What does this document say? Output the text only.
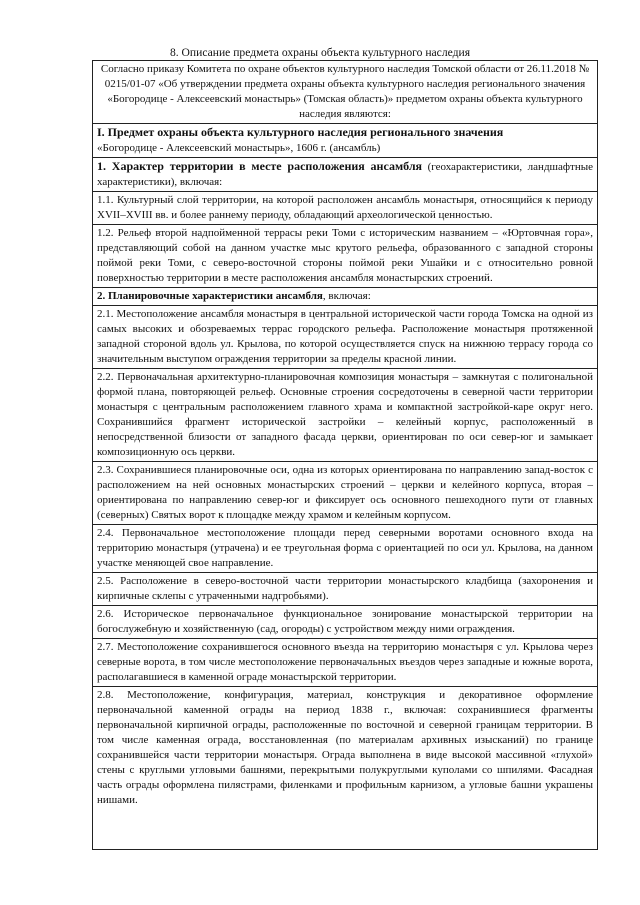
8. Описание предмета охраны объекта культурного наследия
Согласно приказу Комитета по охране объектов культурного наследия Томской области от 26.11.2018 № 0215/01-07 «Об утверждении предмета охраны объекта культурного наследия регионального значения «Богородице - Алексеевский монастырь» (Томская область)» предметом охраны объекта культурного наследия являются:
I. Предмет охраны объекта культурного наследия регионального значения
«Богородице - Алексеевский монастырь», 1606 г. (ансамбль)
1. Характер территории в месте расположения ансамбля (геохарактеристики, ландшафтные характеристики), включая:
1.1. Культурный слой территории, на которой расположен ансамбль монастыря, относящийся к периоду XVII–XVIII вв. и более раннему периоду, обладающий археологической ценностью.
1.2. Рельеф второй надпойменной террасы реки Томи с историческим названием – «Юртовчная гора», представляющий собой на данном участке мыс крутого рельефа, образованного с западной стороны поймой реки Томи, с северо-восточной стороны поймой реки Ушайки и с относительно ровной поверхностью территории в месте расположения ансамбля монастырских строений.
2. Планировочные характеристики ансамбля, включая:
2.1. Местоположение ансамбля монастыря в центральной исторической части города Томска на одной из самых высоких и обозреваемых террас городского рельефа. Расположение монастыря протяженной западной стороной вдоль ул. Крылова, по которой осуществляется спуск на нижнюю террасу города со значительным выступом ограждения территории за пределы красной линии.
2.2. Первоначальная архитектурно-планировочная композиция монастыря – замкнутая с полигональной формой плана, повторяющей рельеф. Основные строения сосредоточены в северной части территории монастыря с центральным расположением главного храма и компактной застройкой-каре округ него. Сохранившийся фрагмент исторической застройки – келейный корпус, расположенный в непосредственной близости от западного фасада церкви, ориентирован по оси север-юг и замыкает композиционную ось церкви.
2.3. Сохранившиеся планировочные оси, одна из которых ориентирована по направлению запад-восток с расположением на ней основных монастырских строений – церкви и келейного корпуса, вторая – ориентирована по направлению север-юг и фиксирует ось основного пешеходного пути от главных (северных) Святых ворот к площадке между храмом и келейным корпусом.
2.4. Первоначальное местоположение площади перед северными воротами основного входа на территорию монастыря (утрачена) и ее треугольная форма с ориентацией по оси ул. Крылова, на данном участке меняющей свое направление.
2.5. Расположение в северо-восточной части территории монастырского кладбища (захоронения и кирпичные склепы с утраченными надгробьями).
2.6. Историческое первоначальное функциональное зонирование монастырской территории на богослужебную и хозяйственную (сад, огороды) с устройством между ними ограждения.
2.7. Местоположение сохранившегося основного въезда на территорию монастыря с ул. Крылова через северные ворота, в том числе местоположение первоначальных въездов через западные и южные ворота, располагавшиеся в каменной ограде монастырской территории.
2.8. Местоположение, конфигурация, материал, конструкция и декоративное оформление первоначальной каменной ограды на период 1838 г., включая: сохранившиеся фрагменты первоначальной кирпичной ограды, расположенные по восточной и северной границам территории. В том числе каменная ограда, восстановленная (по материалам архивных изысканий) по границе сохранившейся части территории монастыря. Ограда выполнена в виде высокой массивной «глухой» стены с круглыми угловыми башнями, перекрытыми полукруглыми куполами со шпилями. Фасадная часть ограды оформлена пилястрами, филенками и профильным карнизом, а угловые башни украшены нишами.
